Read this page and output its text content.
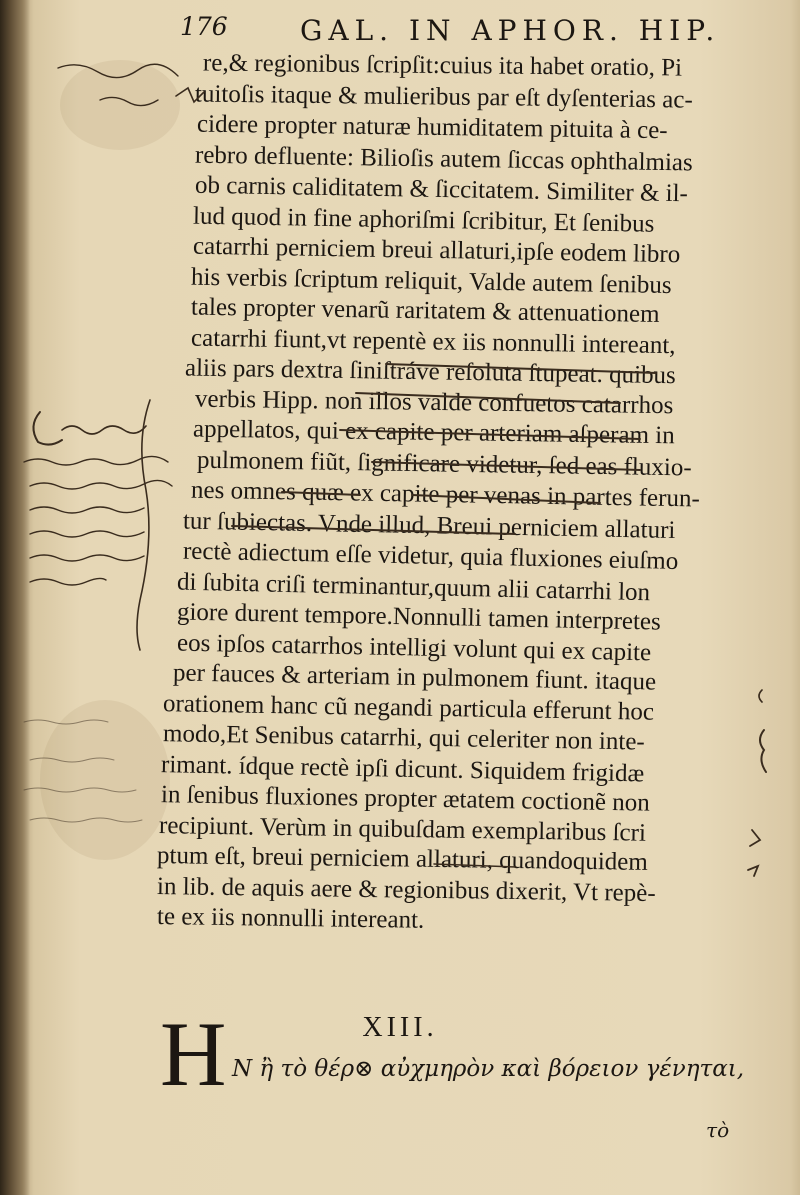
176	GAL. IN APHOR. HIP.
re,& regionibus ſcripſit:cuius ita habet oratio, Pi
tuitoſis itaque & mulieribus par eſt dyſenterias ac-
cidere propter naturæ humiditatem pituita à ce-
rebro defluente: Bilioſis autem ſiccas ophthalmias
ob carnis caliditatem & ſiccitatem. Similiter & il-
lud quod in fine aphoriſmi ſcribitur, Et ſenibus
catarrhi perniciem breui allaturi,ipſe eodem libro
his verbis ſcriptum reliquit, Valde autem ſenibus
tales propter venarũ raritatem & attenuationem
catarrhi fiunt,vt repentè ex iis nonnulli intereant,
aliis pars dextra ſiniſtráve reſoluta ſtupeat. quibus
verbis Hipp. non illos valde confuetos catarrhos
appellatos, qui ex capite per arteriam aſperam in
pulmonem fiũt, ſignificare videtur, ſed eas fluxio-
nes omnes quæ ex capite per venas in partes ferun-
tur ſubiectas. Vnde illud, Breui perniciem allaturi
rectè adiectum eſſe videtur, quia fluxiones eiuſmo
di ſubita criſi terminantur,quum alii catarrhi lon
giore durent tempore.Nonnulli tamen interpretes
eos ipſos catarrhos intelligi volunt qui ex capite
per fauces & arteriam in pulmonem fiunt. itaque
orationem hanc cũ negandi particula efferunt hoc
modo,Et Senibus catarrhi, qui celeriter non inte-
rimant. ídque rectè ipſi dicunt. Siquidem frigidæ
in ſenibus fluxiones propter ætatem coctionẽ non
recipiunt. Verùm in quibuſdam exemplaribus ſcri
ptum eſt, breui perniciem allaturi, quandoquidem
in lib. de aquis aere & regionibus dixerit, Vt repè-
te ex iis nonnulli intereant.
XIII.
H Ν ἢ τὸ θέρ⊗ αὐχμηρὸν καὶ βόρειον γένηται,
τὸ
